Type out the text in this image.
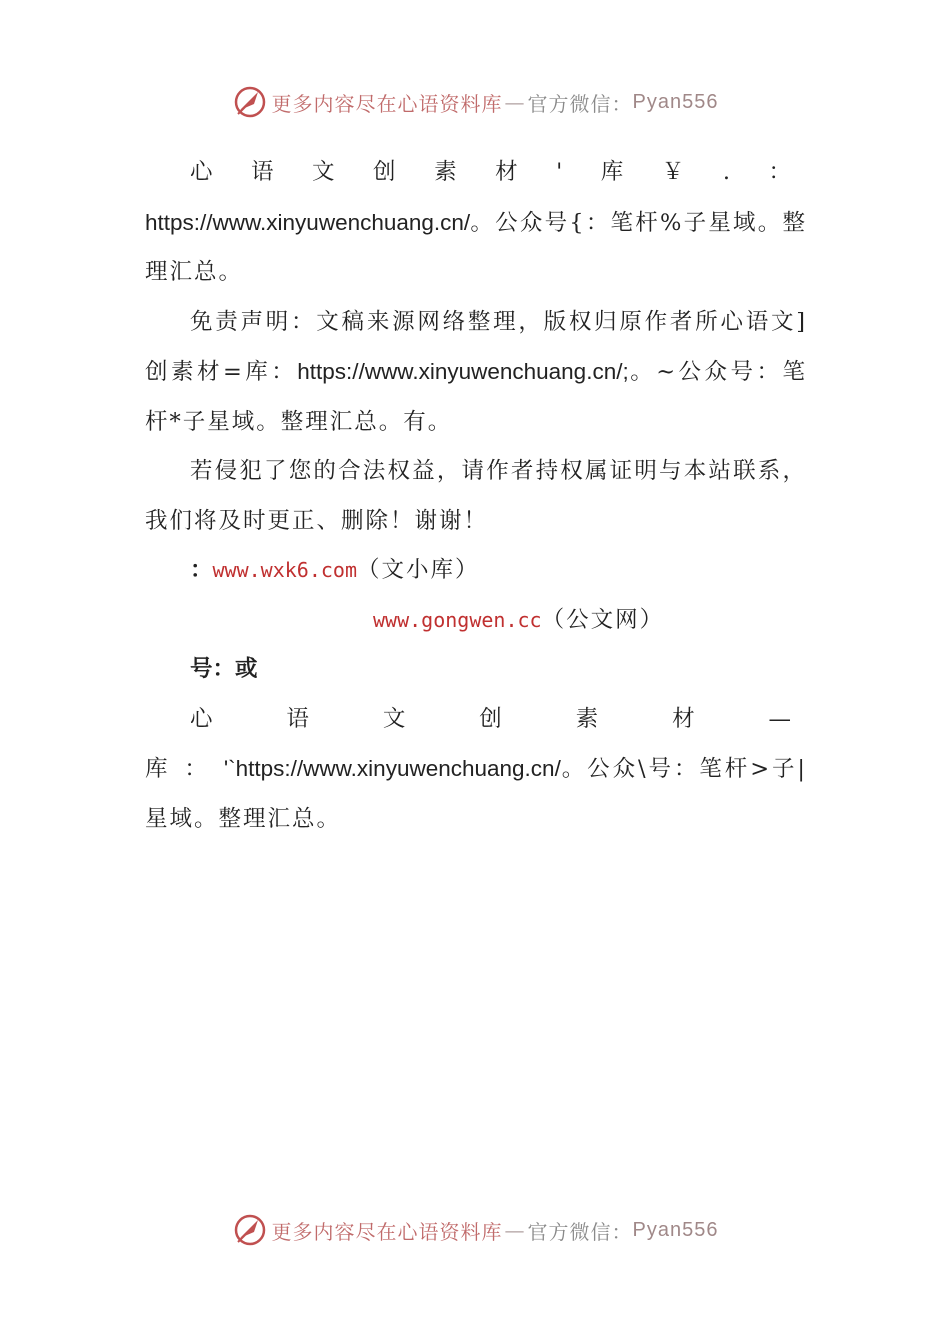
更多内容尽在心语资料库 — 官方微信： Pyan556

心语文创素材'库￥.：https://www.xinyuwenchuang.cn/。公众号{：笔杆%子星域。整理汇总。

免责声明：文稿来源网络整理，版权归原作者所心语文]创素材=库：https://www.xinyuwenchuang.cn/;。~公众号：笔杆*子星域。整理汇总。有。

若侵犯了您的合法权益，请作者持权属证明与本站联系，我们将及时更正、删除！谢谢！

：www.wxk6.com（文小库）

www.gongwen.cc（公文网）

号：或

心语文创素材—库：'`https://www.xinyuwenchuang.cn/。公众\号：笔杆>子|星域。整理汇总。

更多内容尽在心语资料库 — 官方微信： Pyan556
